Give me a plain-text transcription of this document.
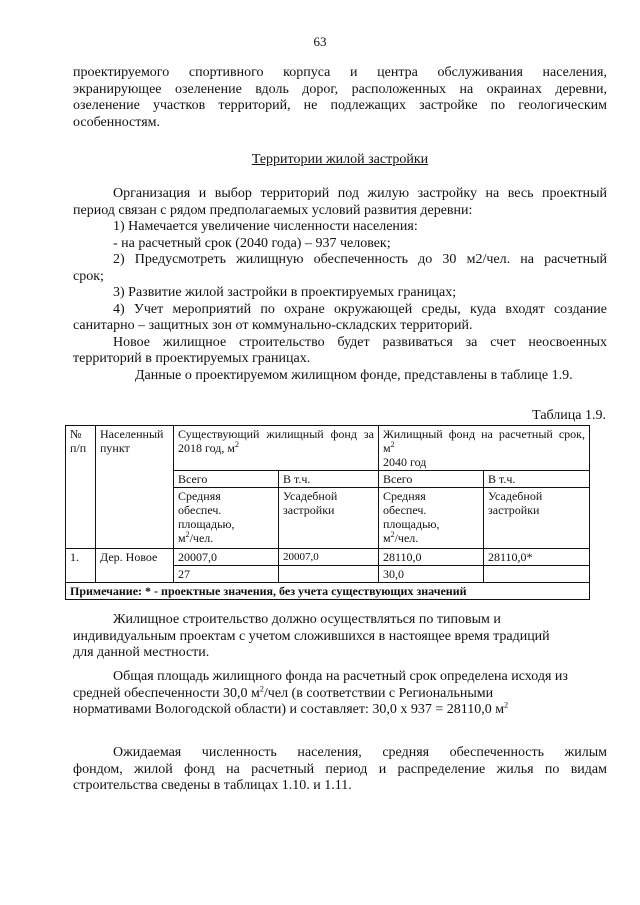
63
проектируемого спортивного корпуса и центра обслуживания населения,
экранирующее озеленение вдоль дорог, расположенных на окраинах деревни,
озеленение участков территорий, не подлежащих застройке по геологическим
особенностям.
Территории жилой застройки
Организация и выбор территорий под жилую застройку на весь проектный
период связан с рядом предполагаемых условий развития деревни:
1) Намечается увеличение численности населения:
- на расчетный срок (2040 года) – 937 человек;
2) Предусмотреть жилищную обеспеченность до 30 м2/чел. на расчетный
срок;
3) Развитие жилой застройки в проектируемых границах;
4) Учет мероприятий по охране окружающей среды, куда входят создание
санитарно – защитных зон от коммунально-складских территорий.
Новое жилищное строительство будет развиваться за счет неосвоенных
территорий в проектируемых границах.
Данные о проектируемом жилищном фонде, представлены в таблице 1.9.
Таблица 1.9.
№ п/п	Населенный пункт	Существующий жилищный фонд за 2018 год, $м^2$		Жилищный фонд на расчетный срок, $м^2$
2040 год	
		Всего	В т.ч.	Всего	В т.ч.
		Средняя обеспеч. площадью, $м^2$/чел.	Усадебной застройки	Средняя обеспеч. площадью, $м^2$/чел.	Усадебной застройки
1.	Дер. Новое	20007,0	20007,0	28110,0	28110,0*
		27		30,0	
Примечание: * - проектные значения, без учета существующих значений					
Жилищное строительство должно осуществляться по типовым и
индивидуальным проектам с учетом сложившихся в настоящее время традиций
для данной местности.
Общая площадь жилищного фонда на расчетный срок определена исходя из
средней обеспеченности 30,0 $м^2$/чел (в соответствии с Региональными
нормативами Вологодской области) и составляет: 30,0 х 937 = 28110,0 $м^2$
Ожидаемая численность населения, средняя обеспеченность жилым
фондом, жилой фонд на расчетный период и распределение жилья по видам
строительства сведены в таблицах 1.10. и 1.11.
